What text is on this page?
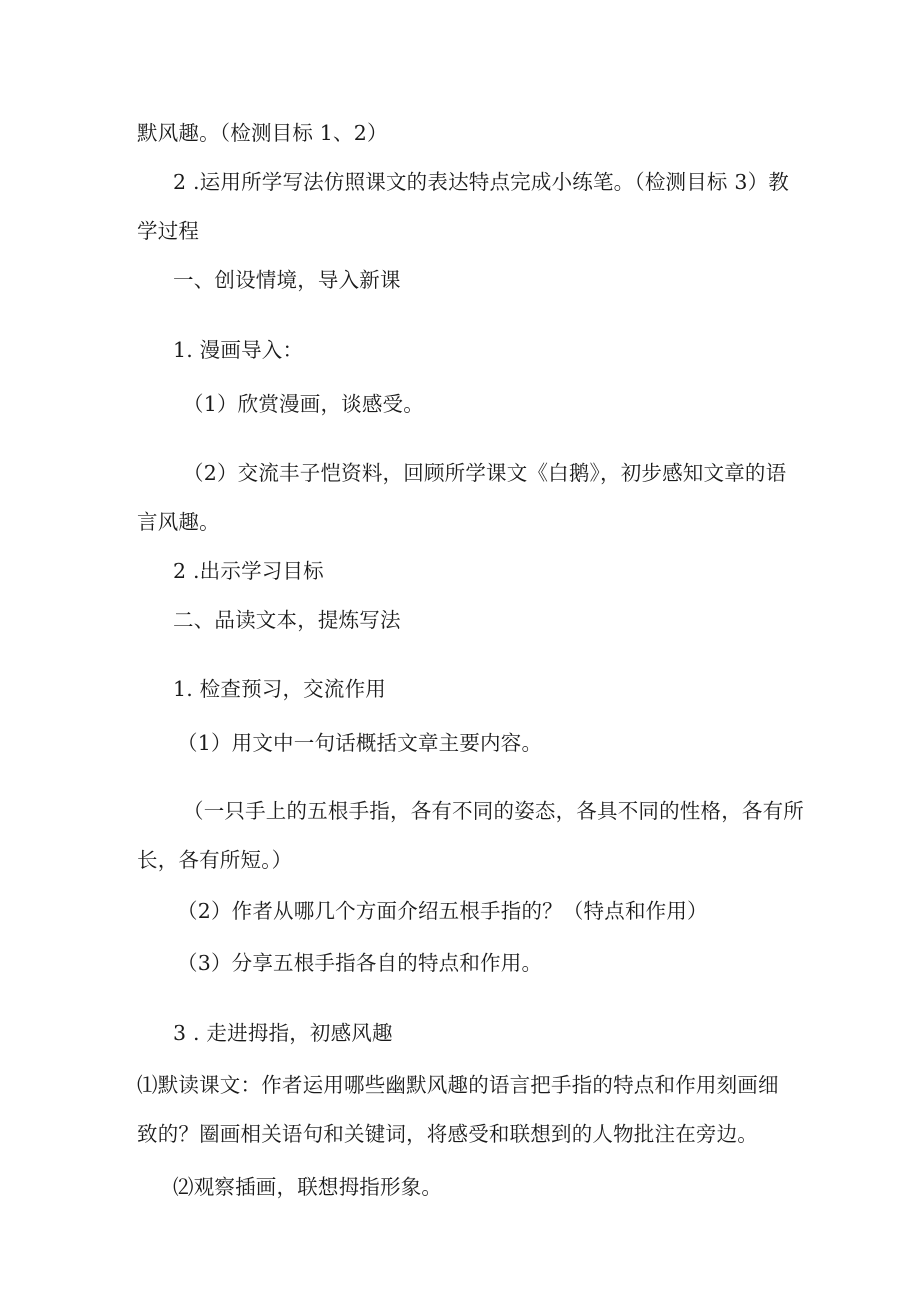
默风趣。（检测目标 1、2）
2 .运用所学写法仿照课文的表达特点完成小练笔。（检测目标 3）教
学过程
一、创设情境，导入新课
1. 漫画导入：
（1）欣赏漫画，谈感受。
（2）交流丰子恺资料，回顾所学课文《白鹅》，初步感知文章的语
言风趣。
2 .出示学习目标
二、品读文本，提炼写法
1. 检查预习，交流作用
（1）用文中一句话概括文章主要内容。
（一只手上的五根手指，各有不同的姿态，各具不同的性格，各有所
长，各有所短。）
（2）作者从哪几个方面介绍五根手指的？（特点和作用）
（3）分享五根手指各自的特点和作用。
3 . 走进拇指，初感风趣
⑴默读课文：作者运用哪些幽默风趣的语言把手指的特点和作用刻画细
致的？圈画相关语句和关键词，将感受和联想到的人物批注在旁边。
⑵观察插画，联想拇指形象。
